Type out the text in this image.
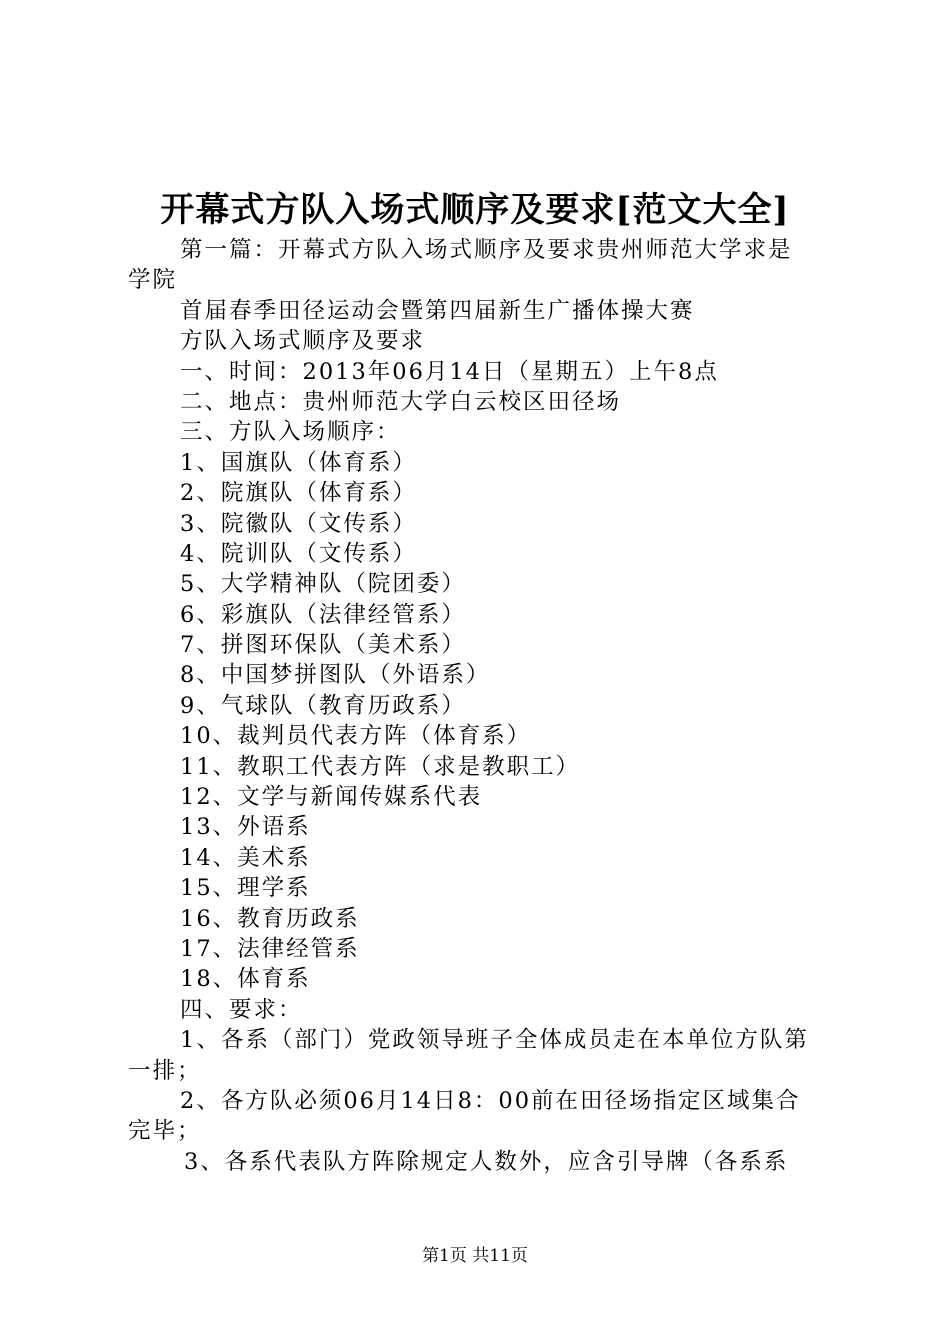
开幕式方队入场式顺序及要求[范文大全]
第一篇：开幕式方队入场式顺序及要求贵州师范大学求是
学院
首届春季田径运动会暨第四届新生广播体操大赛
方队入场式顺序及要求
一、时间：2013年06月14日（星期五）上午8点
二、地点：贵州师范大学白云校区田径场
三、方队入场顺序：
1、国旗队（体育系）
2、院旗队（体育系）
3、院徽队（文传系）
4、院训队（文传系）
5、大学精神队（院团委）
6、彩旗队（法律经管系）
7、拼图环保队（美术系）
8、中国梦拼图队（外语系）
9、气球队（教育历政系）
10、裁判员代表方阵（体育系）
11、教职工代表方阵（求是教职工）
12、文学与新闻传媒系代表
13、外语系
14、美术系
15、理学系
16、教育历政系
17、法律经管系
18、体育系
四、要求：
1、各系（部门）党政领导班子全体成员走在本单位方队第
一排；
2、各方队必须06月14日8：00前在田径场指定区域集合
完毕；
3、各系代表队方阵除规定人数外，应含引导牌（各系系
第1页 共11页
